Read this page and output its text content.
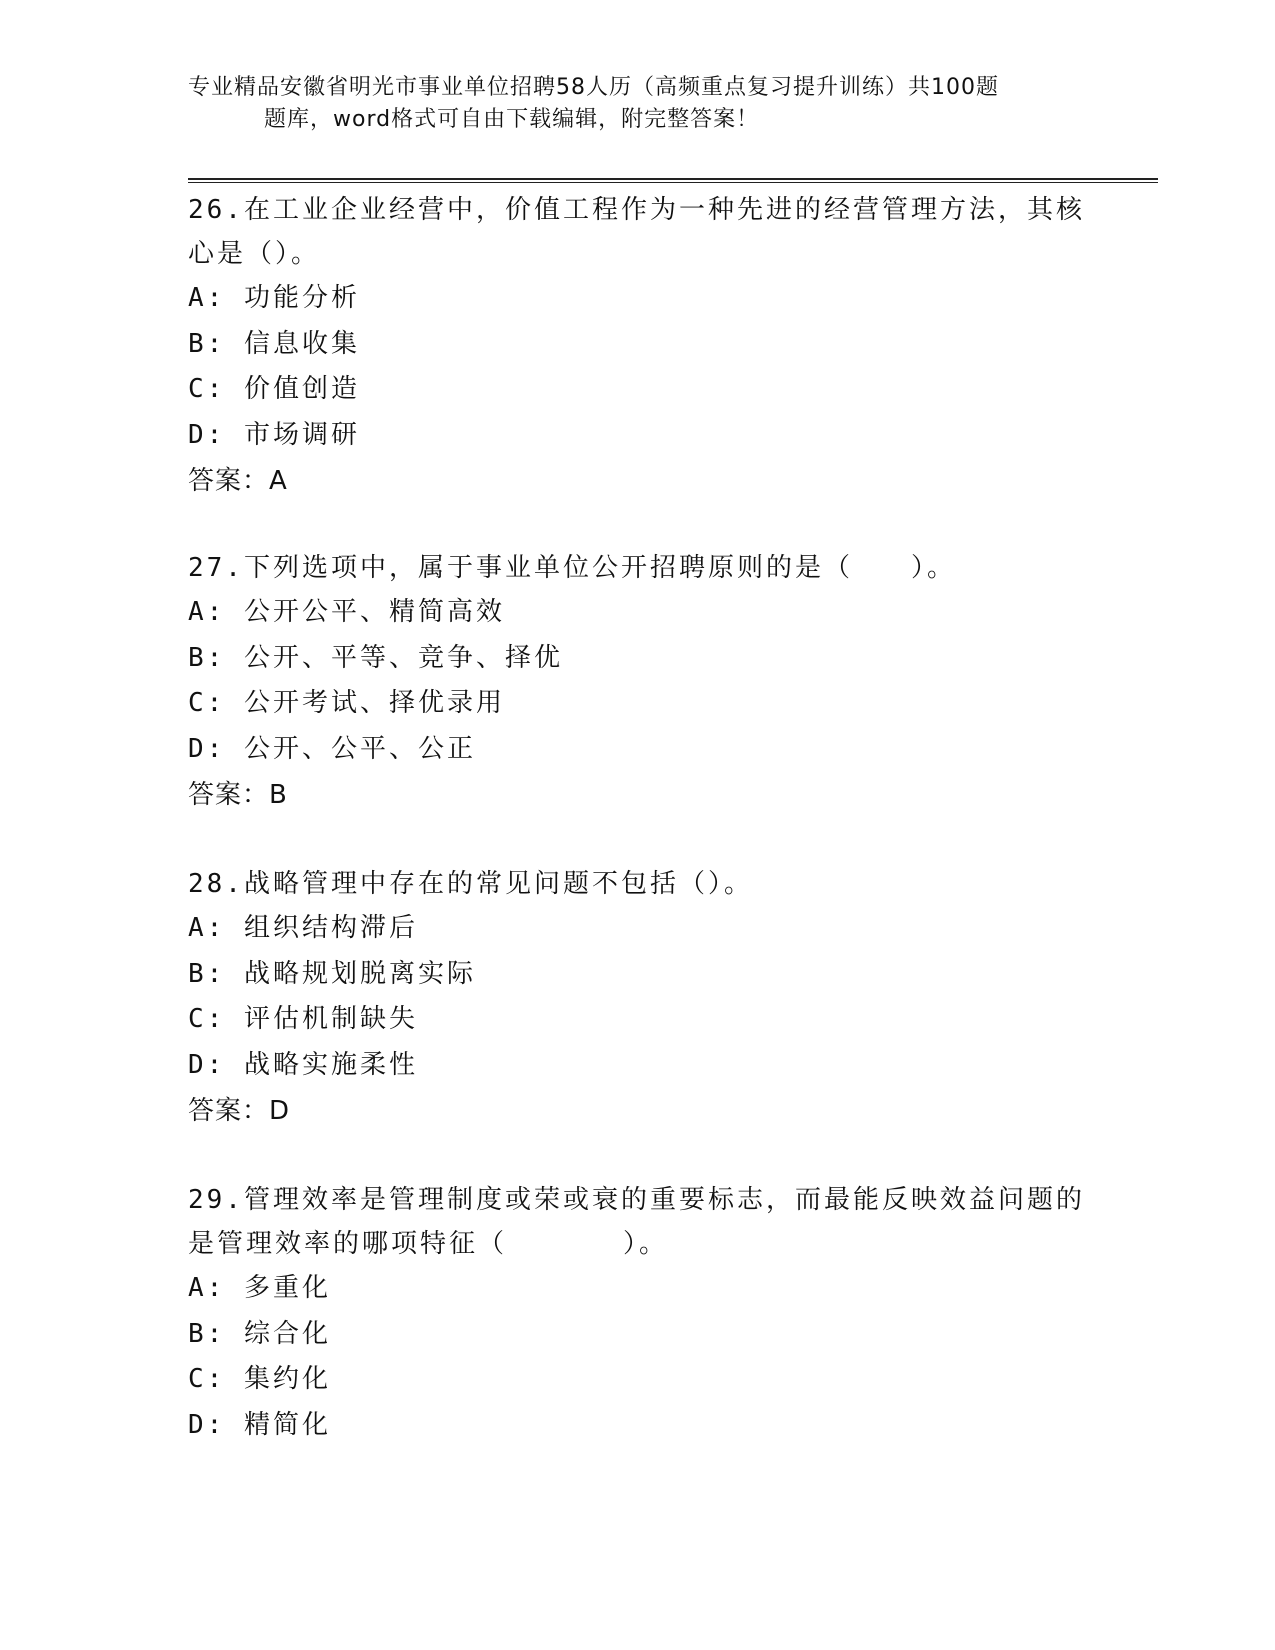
专业精品安徽省明光市事业单位招聘58人历（高频重点复习提升训练）共100题
题库，word格式可自由下载编辑，附完整答案！

26.在工业企业经营中，价值工程作为一种先进的经营管理方法，其核

心是（）。

A: 功能分析

B: 信息收集

C: 价值创造

D: 市场调研

答案：A

27.下列选项中，属于事业单位公开招聘原则的是（　　）。

A: 公开公平、精简高效

B: 公开、平等、竞争、择优

C: 公开考试、择优录用

D: 公开、公平、公正

答案：B

28.战略管理中存在的常见问题不包括（）。

A: 组织结构滞后

B: 战略规划脱离实际

C: 评估机制缺失

D: 战略实施柔性

答案：D

29.管理效率是管理制度或荣或衰的重要标志，而最能反映效益问题的

是管理效率的哪项特征（　　　　）。

A: 多重化

B: 综合化

C: 集约化

D: 精简化
